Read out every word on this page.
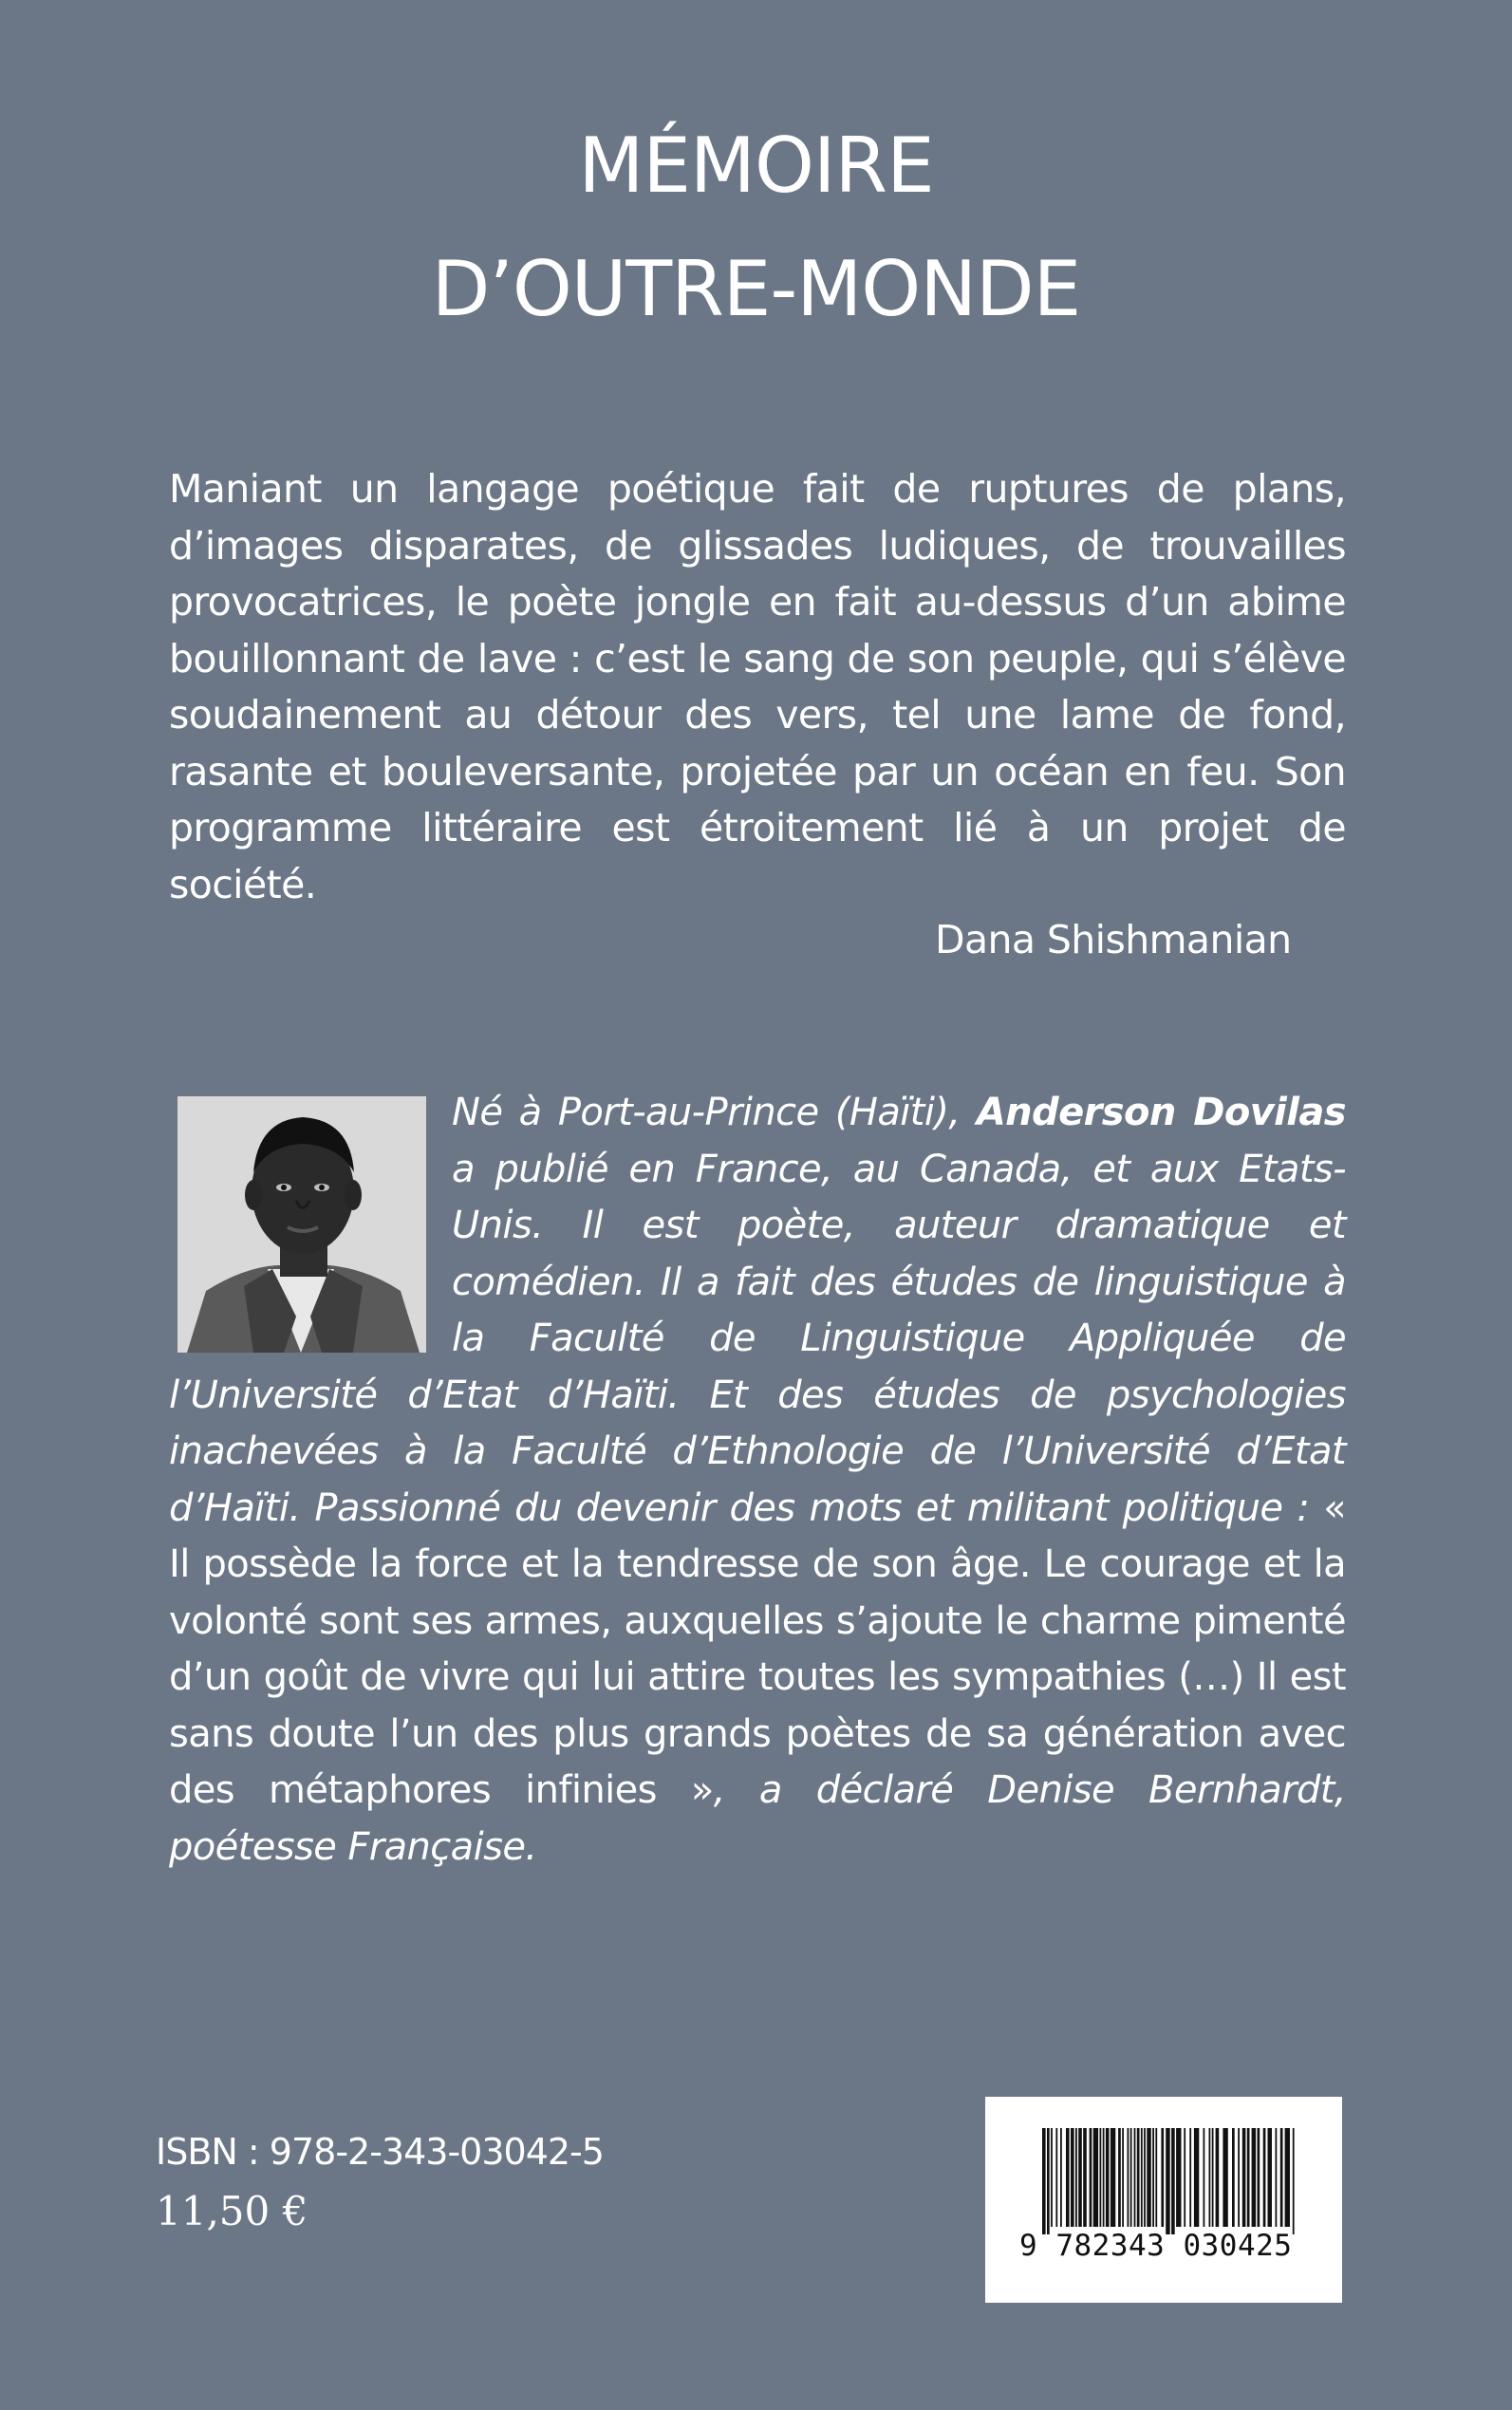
MÉMOIRE
D’OUTRE-MONDE

Maniant un langage poétique fait de ruptures de plans, d’images disparates, de glissades ludiques, de trouvailles provocatrices, le poète jongle en fait au-dessus d’un abime bouillonnant de lave : c’est le sang de son peuple, qui s’élève soudainement au détour des vers, tel une lame de fond, rasante et bouleversante, projetée par un océan en feu. Son programme littéraire est étroitement lié à un projet de société.

Dana Shishmanian

Né à Port-au-Prince (Haïti), Anderson Dovilas a publié en France, au Canada, et aux Etats-Unis. Il est poète, auteur dramatique et comédien. Il a fait des études de linguistique à la Faculté de Linguistique Appliquée de l’Université d’Etat d’Haïti. Et des études de psychologies inachevées à la Faculté d’Ethnologie de l’Université d’Etat d’Haïti. Passionné du devenir des mots et militant politique : « Il possède la force et la tendresse de son âge. Le courage et la volonté sont ses armes, auxquelles s’ajoute le charme pimenté d’un goût de vivre qui lui attire toutes les sympathies (…) Il est sans doute l’un des plus grands poètes de sa génération avec des métaphores infinies », a déclaré Denise Bernhardt, poétesse Française.

ISBN : 978-2-343-03042-5
11,50 €
9 782343 030425
